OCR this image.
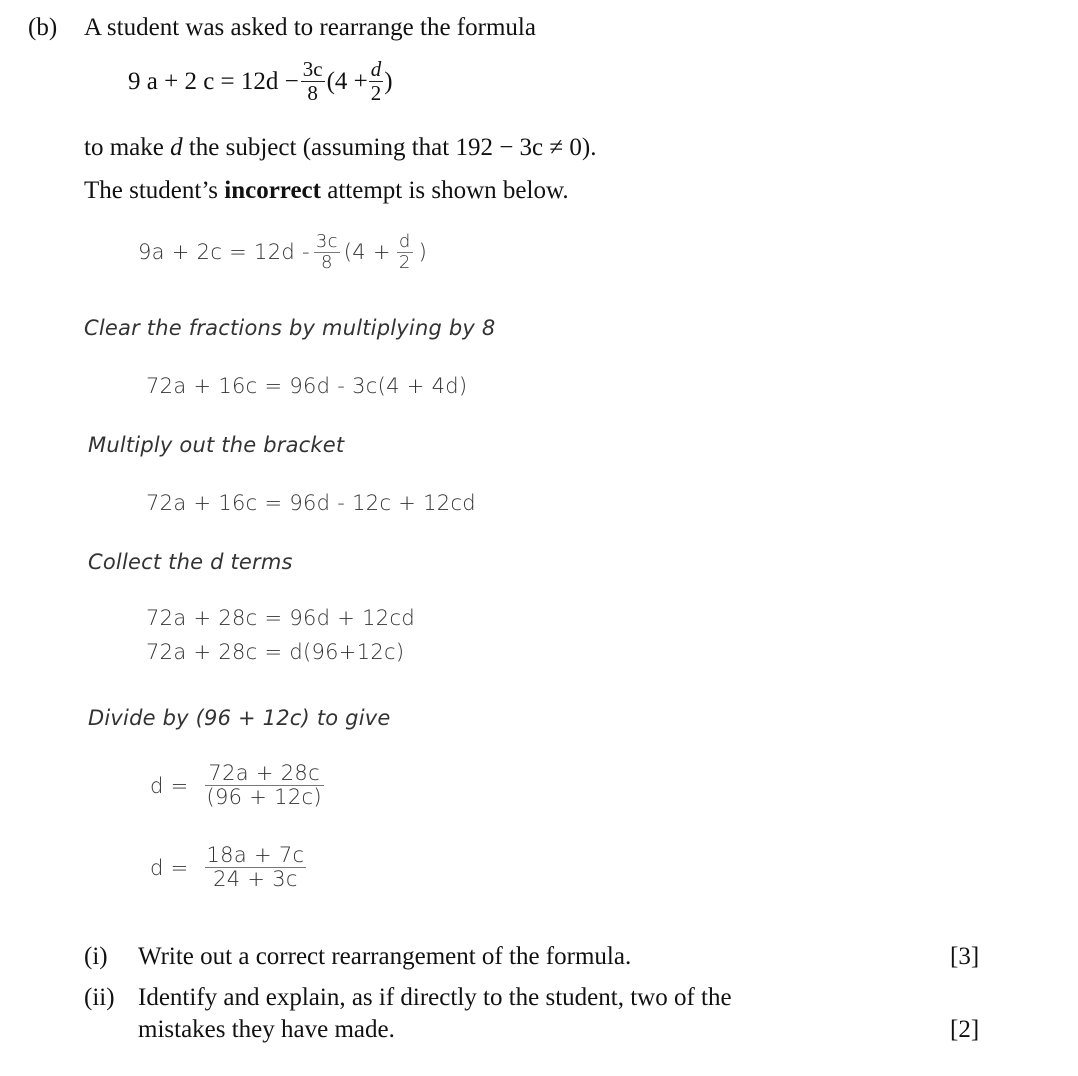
(b) A student was asked to rearrange the formula
9 a + 2 $c = 12d - \frac{3c}{8} (4 + \frac{d}{2}$ )
to make d the subject (assuming that 192 − 3c ≠ 0).
The student’s incorrect attempt is shown below.
$9a + 2c = 12d - \frac{3c}{8} (4 + \frac{d}{2}$ )
Clear the fractions by multiplying by 8
72a + 16c = 96d - 3c(4 + 4d)
Multiply out the bracket
72a + 16c = 96d - 12c + 12cd
Collect the d terms
72a + 28c = 96d + 12cd
72a + 28c = d(96+12c)
Divide by (96 + 12c) to give
$d = \frac{72a + 28c}{(96 + 12c)}$
$d = \frac{18a + 7c}{24 + 3c}$
(i) Write out a correct rearrangement of the formula.	[3]
(ii) Identify and explain, as if directly to the student, two of the
mistakes they have made.	[2]
